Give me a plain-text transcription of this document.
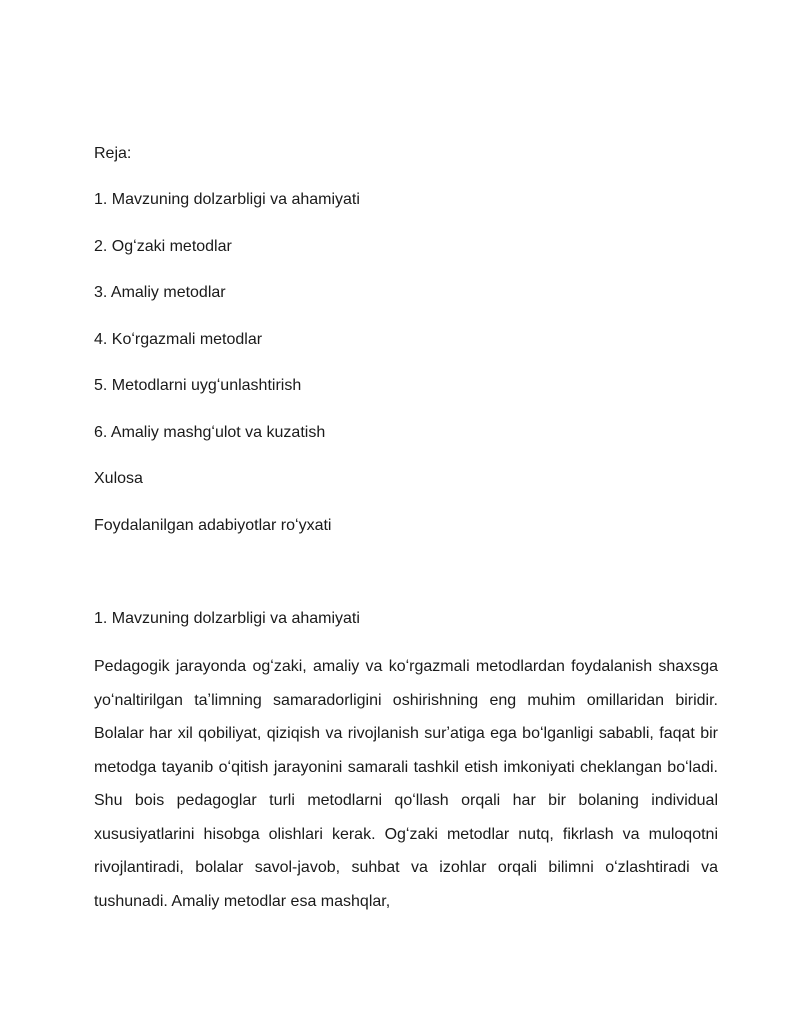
Reja:

1. Mavzuning dolzarbligi va ahamiyati
2. Ogʻzaki metodlar
3. Amaliy metodlar
4. Koʻrgazmali metodlar
5. Metodlarni uygʻunlashtirish
6. Amaliy mashgʻulot va kuzatish
Xulosa
Foydalanilgan adabiyotlar roʻyxati
1. Mavzuning dolzarbligi va ahamiyati

Pedagogik jarayonda ogʻzaki, amaliy va koʻrgazmali metodlardan foydalanish shaxsga yoʻnaltirilgan taʼlimning samaradorligini oshirishning eng muhim omillaridan biridir. Bolalar har xil qobiliyat, qiziqish va rivojlanish surʼatiga ega boʻlganligi sababli, faqat bir metodga tayanib oʻqitish jarayonini samarali tashkil etish imkoniyati cheklangan boʻladi. Shu bois pedagoglar turli metodlarni qoʻllash orqali har bir bolaning individual xususiyatlarini hisobga olishlari kerak. Ogʻzaki metodlar nutq, fikrlash va muloqotni rivojlantiradi, bolalar savol-javob, suhbat va izohlar orqali bilimni oʻzlashtiradi va tushunadi. Amaliy metodlar esa mashqlar,
